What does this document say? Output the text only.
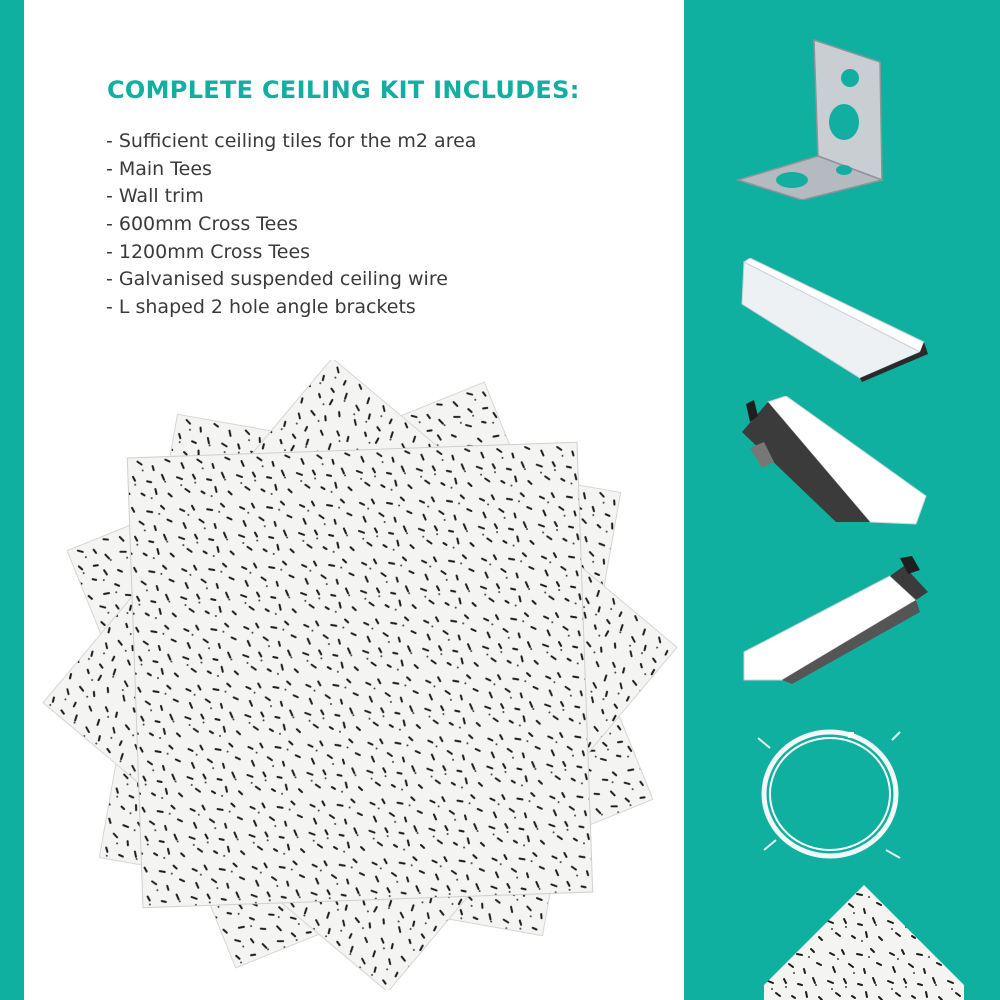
COMPLETE CEILING KIT INCLUDES:
- Sufficient ceiling tiles for the m2 area
- Main Tees
- Wall trim
- 600mm Cross Tees
- 1200mm Cross Tees
- Galvanised suspended ceiling wire
- L shaped 2 hole angle brackets
